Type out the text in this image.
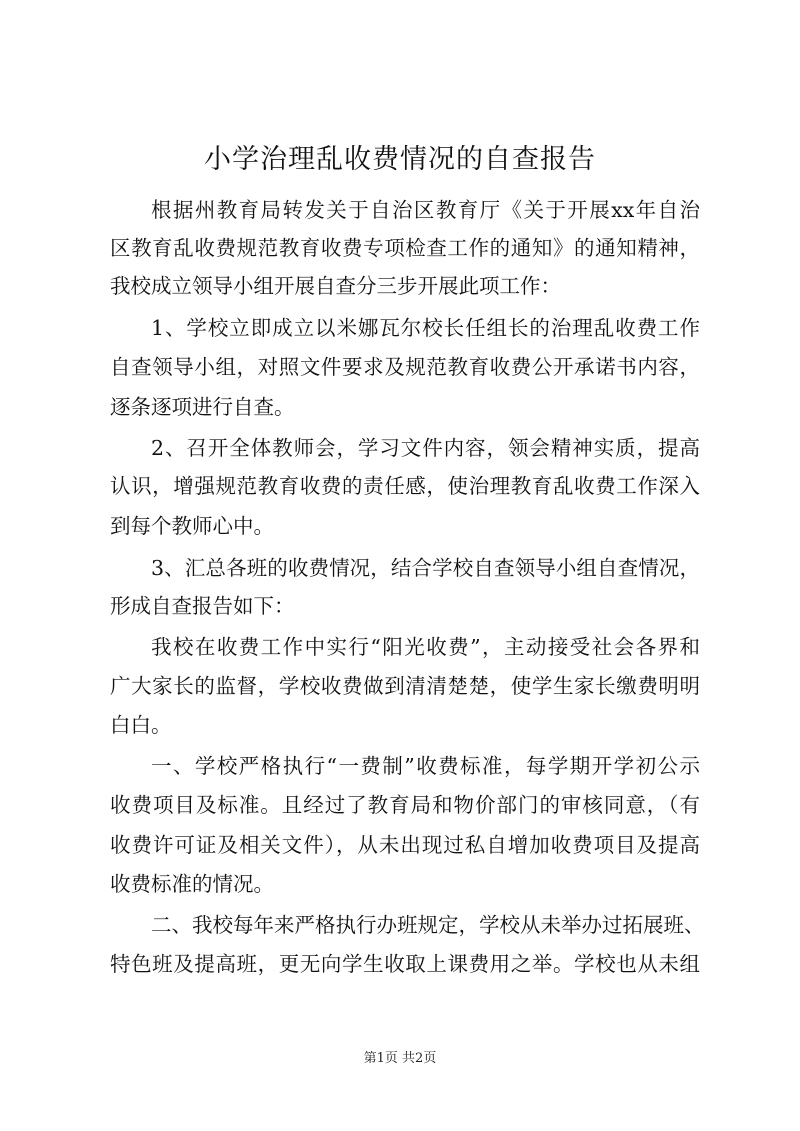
小学治理乱收费情况的自查报告
根据州教育局转发关于自治区教育厅《关于开展xx年自治
区教育乱收费规范教育收费专项检查工作的通知》的通知精神，
我校成立领导小组开展自查分三步开展此项工作：
1、学校立即成立以米娜瓦尔校长任组长的治理乱收费工作
自查领导小组，对照文件要求及规范教育收费公开承诺书内容，
逐条逐项进行自查。
2、召开全体教师会，学习文件内容，领会精神实质，提高
认识，增强规范教育收费的责任感，使治理教育乱收费工作深入
到每个教师心中。
3、汇总各班的收费情况，结合学校自查领导小组自查情况，
形成自查报告如下：
我校在收费工作中实行“阳光收费”，主动接受社会各界和
广大家长的监督，学校收费做到清清楚楚，使学生家长缴费明明
白白。
一、学校严格执行“一费制”收费标准，每学期开学初公示
收费项目及标准。且经过了教育局和物价部门的审核同意，（有
收费许可证及相关文件），从未出现过私自增加收费项目及提高
收费标准的情况。
二、我校每年来严格执行办班规定，学校从未举办过拓展班、
特色班及提高班，更无向学生收取上课费用之举。学校也从未组
第1页 共2页
